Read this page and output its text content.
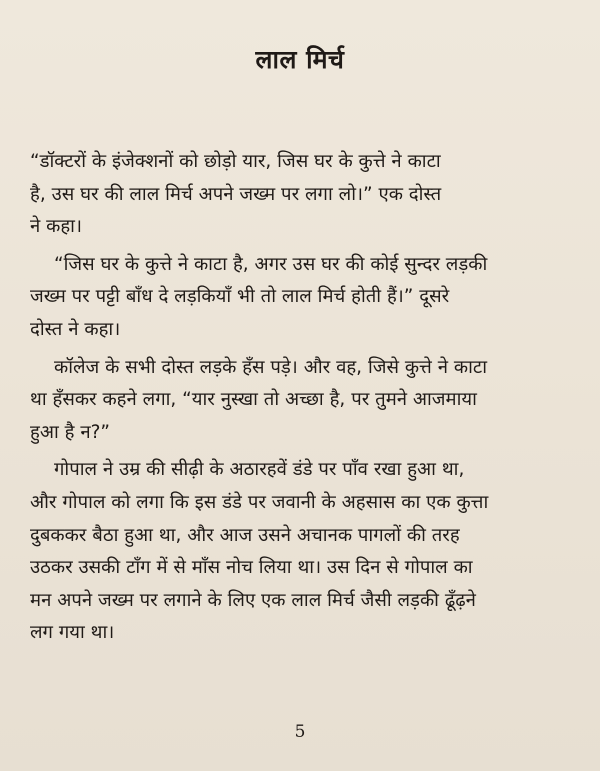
लाल मिर्च

“डॉक्टरों के इंजेक्शनों को छोड़ो यार, जिस घर के कुत्ते ने काटा
है, उस घर की लाल मिर्च अपने जख्म पर लगा लो।” एक दोस्त
ने कहा।

“जिस घर के कुत्ते ने काटा है, अगर उस घर की कोई सुन्दर लड़की
जख्म पर पट्टी बाँध दे लड़कियाँ भी तो लाल मिर्च होती हैं।” दूसरे
दोस्त ने कहा।

कॉलेज के सभी दोस्त लड़के हँस पड़े। और वह, जिसे कुत्ते ने काटा
था हँसकर कहने लगा, “यार नुस्खा तो अच्छा है, पर तुमने आजमाया
हुआ है न?”

गोपाल ने उम्र की सीढ़ी के अठारहवें डंडे पर पाँव रखा हुआ था,
और गोपाल को लगा कि इस डंडे पर जवानी के अहसास का एक कुत्ता
दुबककर बैठा हुआ था, और आज उसने अचानक पागलों की तरह
उठकर उसकी टाँग में से माँस नोच लिया था। उस दिन से गोपाल का
मन अपने जख्म पर लगाने के लिए एक लाल मिर्च जैसी लड़की ढूँढ़ने
लग गया था।

5
